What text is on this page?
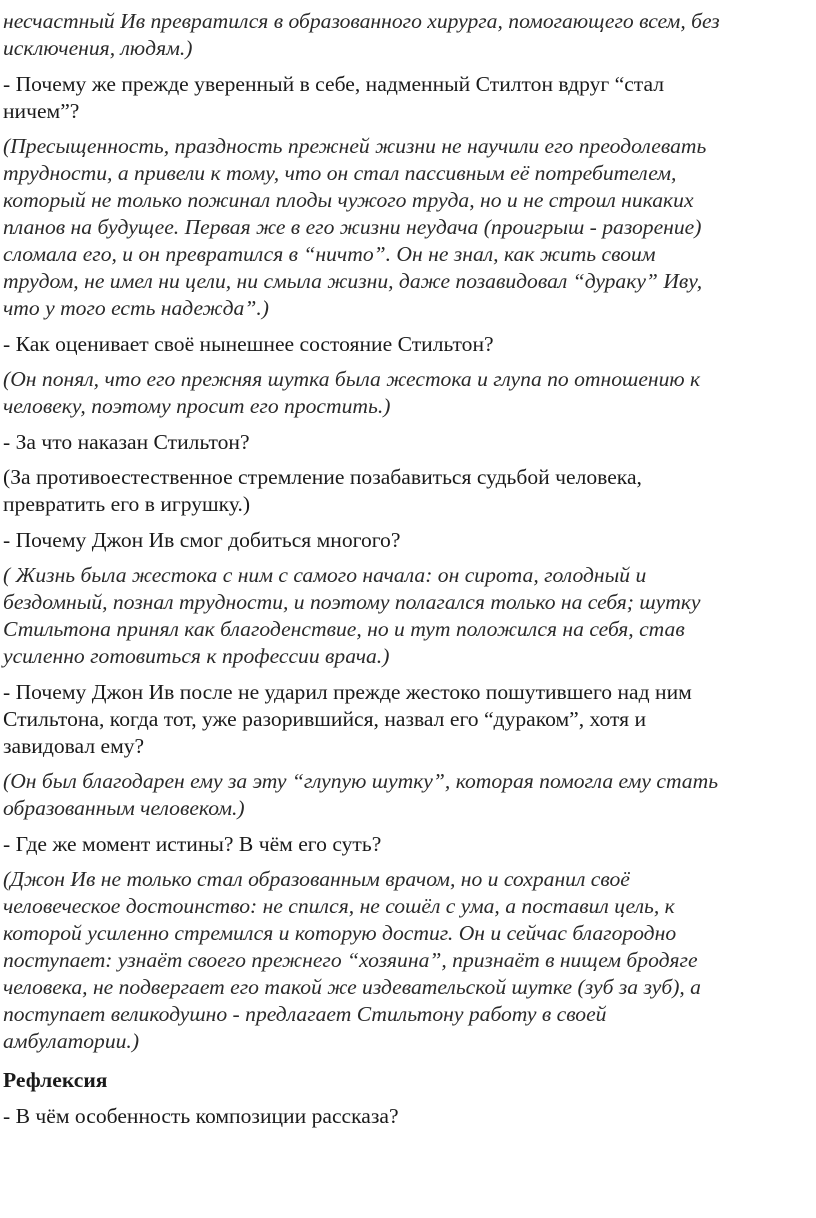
несчастный Ив превратился в образованного хирурга, помогающего всем, без
исключения, людям.)

- Почему же прежде уверенный в себе, надменный Стилтон вдруг “стал
ничем”?

(Пресыщенность, праздность прежней жизни не научили его преодолевать
трудности, а привели к тому, что он стал пассивным её потребителем,
который не только пожинал плоды чужого труда, но и не строил никаких
планов на будущее. Первая же в его жизни неудача (проигрыш - разорение)
сломала его, и он превратился в “ничто”. Он не знал, как жить своим
трудом, не имел ни цели, ни смыла жизни, даже позавидовал “дураку” Иву,
что у того есть надежда”.)

- Как оценивает своё нынешнее состояние Стильтон?

(Он понял, что его прежняя шутка была жестока и глупа по отношению к
человеку, поэтому просит его простить.)

- За что наказан Стильтон?

(За противоестественное стремление позабавиться судьбой человека,
превратить его в игрушку.)

- Почему Джон Ив смог добиться многого?

( Жизнь была жестока с ним с самого начала: он сирота, голодный и
бездомный, познал трудности, и поэтому полагался только на себя; шутку
Стильтона принял как благоденствие, но и тут положился на себя, став
усиленно готовиться к профессии врача.)

- Почему Джон Ив после не ударил прежде жестоко пошутившего над ним
Стильтона, когда тот, уже разорившийся, назвал его “дураком”, хотя и
завидовал ему?

(Он был благодарен ему за эту “глупую шутку”, которая помогла ему стать
образованным человеком.)

- Где же момент истины? В чём его суть?

(Джон Ив не только стал образованным врачом, но и сохранил своё
человеческое достоинство: не спился, не сошёл с ума, а поставил цель, к
которой усиленно стремился и которую достиг. Он и сейчас благородно
поступает: узнаёт своего прежнего “хозяина”, признаёт в нищем бродяге
человека, не подвергает его такой же издевательской шутке (зуб за зуб), а
поступает великодушно - предлагает Стильтону работу в своей
амбулатории.)

Рефлексия

- В чём особенность композиции рассказа?
